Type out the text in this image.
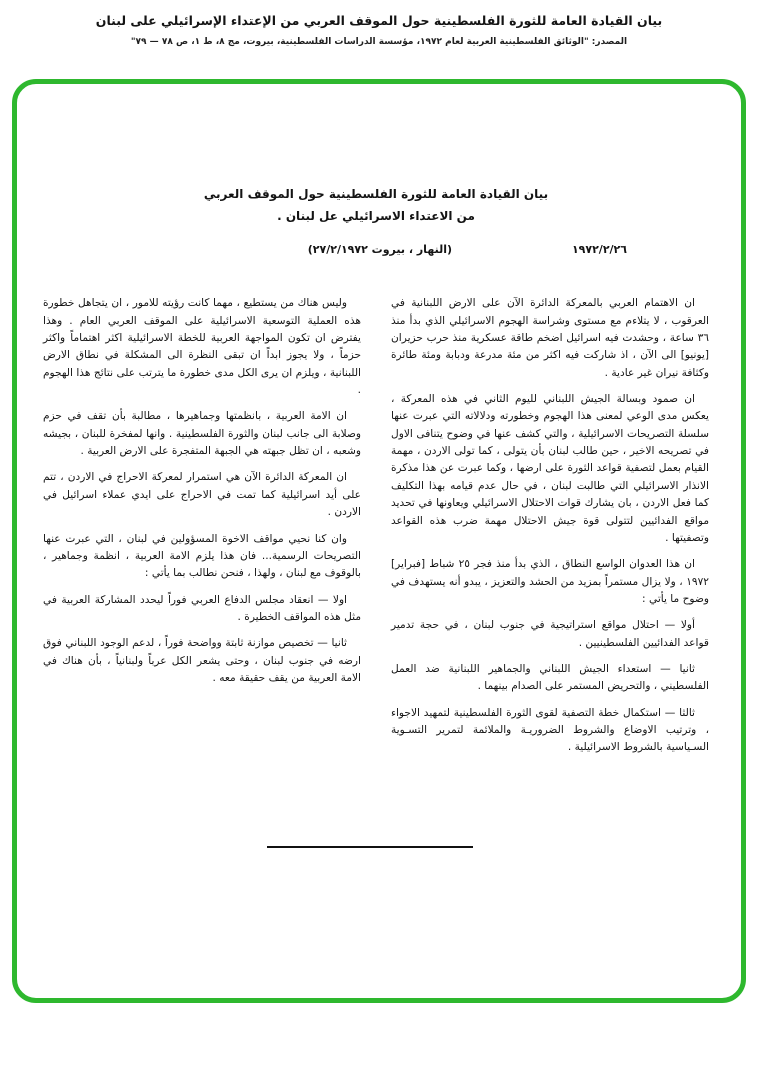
بيان القيادة العامة للثورة الفلسطينية حول الموقف العربي من الإعتداء الإسرائيلي على لبنان
المصدر: "الوثائق الفلسطينية العربية لعام ١٩٧٢، مؤسسة الدراسات الفلسطينية، بيروت، مج ٨، ط ١، ص ٧٨ — ٧٩"
بيان القيادة العامة للثورة الفلسطينية حول الموقف العربي
من الاعتداء الاسرائيلي عل لبنان .
١٩٧٢/٢/٢٦
(النهار ، بيروت ٢٧/٢/١٩٧٢)

ان الاهتمام العربي بالمعركة الدائرة الآن على الارض اللبنانية في العرقوب ، لا يتلاءم مع مستوى وشراسة الهجوم الاسرائيلي الذي بدأ منذ ٣٦ ساعة ، وحشدت فيه اسرائيل اضخم طاقة عسكرية منذ حرب حزيران [يونيو] الى الآن ، اذ شاركت فيه اكثر من مئة مدرعة ودبابة ومئة طائرة وكثافة نيران غير عادية .

ان صمود وبسالة الجيش اللبناني لليوم الثاني في هذه المعركة ، يعكس مدى الوعي لمعنى هذا الهجوم وخطورته ودلالاته التي عبرت عنها سلسلة التصريحات الاسرائيلية ، والتي كشف عنها في وضوح يتنافى الاول في تصريحه الاخير ، حين طالب لبنان بأن يتولى ، كما تولى الاردن ، مهمة القيام بعمل لتصفية قواعد الثورة على ارضها ، وكما عبرت عن هذا مذكرة الانذار الاسرائيلي التي طالبت لبنان ، في حال عدم قيامه بهذا التكليف كما فعل الاردن ، بان يشارك قوات الاحتلال الاسرائيلي ويعاونها في تحديد مواقع الفدائيين لتتولى قوة جيش الاحتلال مهمة ضرب هذه القواعد وتصفيتها .

ان هذا العدوان الواسع النطاق ، الذي بدأ منذ فجر ٢٥ شباط [فبراير] ١٩٧٢ ، ولا يزال مستمراً بمزيد من الحشد والتعزيز ، يبدو أنه يستهدف في وضوح ما يأتي :

أولا — احتلال مواقع استراتيجية في جنوب لبنان ، في حجة تدمير قواعد الفدائيين الفلسطينيين .

ثانيا — استعداء الجيش اللبناني والجماهير اللبنانية ضد العمل الفلسطيني ، والتحريض المستمر على الصدام بينهما .

ثالثا — استكمال خطة التصفية لقوى الثورة الفلسطينية لتمهيد الاجواء ، وترتيب الاوضاع والشروط الضروريـة والملائمة لتمرير التسـوية السـياسية بالشروط الاسرائيلية .

وليس هناك من يستطيع ، مهما كانت رؤيته للامور ، ان يتجاهل خطورة هذه العملية التوسعية الاسرائيلية على الموقف العربي العام . وهذا يفترض ان تكون المواجهة العربية للخطة الاسرائيلية اكثر اهتماماً واكثر حزماً ، ولا يجوز ابداً ان تبقى النظرة الى المشكلة في نطاق الارض اللبنانية ، ويلزم ان يرى الكل مدى خطورة ما يترتب على نتائج هذا الهجوم .

ان الامة العربية ، بانظمتها وجماهيرها ، مطالبة بأن تقف في حزم وصلابة الى جانب لبنان والثورة الفلسطينية . وانها لمفخرة للبنان ، بجيشه وشعبه ، ان تظل جبهته هي الجبهة المتفجرة على الارض العربية .

ان المعركة الدائرة الآن هي استمرار لمعركة الاحراج في الاردن ، تتم على أيد اسرائيلية كما تمت في الاحراج على ايدي عملاء اسرائيل في الاردن .

وان كنا نحيي مواقف الاخوة المسؤولين في لبنان ، التي عبرت عنها التصريحات الرسمية... فان هذا يلزم الامة العربية ، انظمة وجماهير ، بالوقوف مع لبنان ، ولهذا ، فنحن نطالب بما يأتي :

اولا — انعقاد مجلس الدفاع العربي فوراً ليحدد المشاركة العربية في مثل هذه المواقف الخطيرة .

ثانيا — تخصيص موازنة ثابتة وواضحة فوراً ، لدعم الوجود اللبناني فوق ارضه في جنوب لبنان ، وحتى يشعر الكل عرباً ولبنانياً ، بأن هناك في الامة العربية من يقف حقيقة معه .
